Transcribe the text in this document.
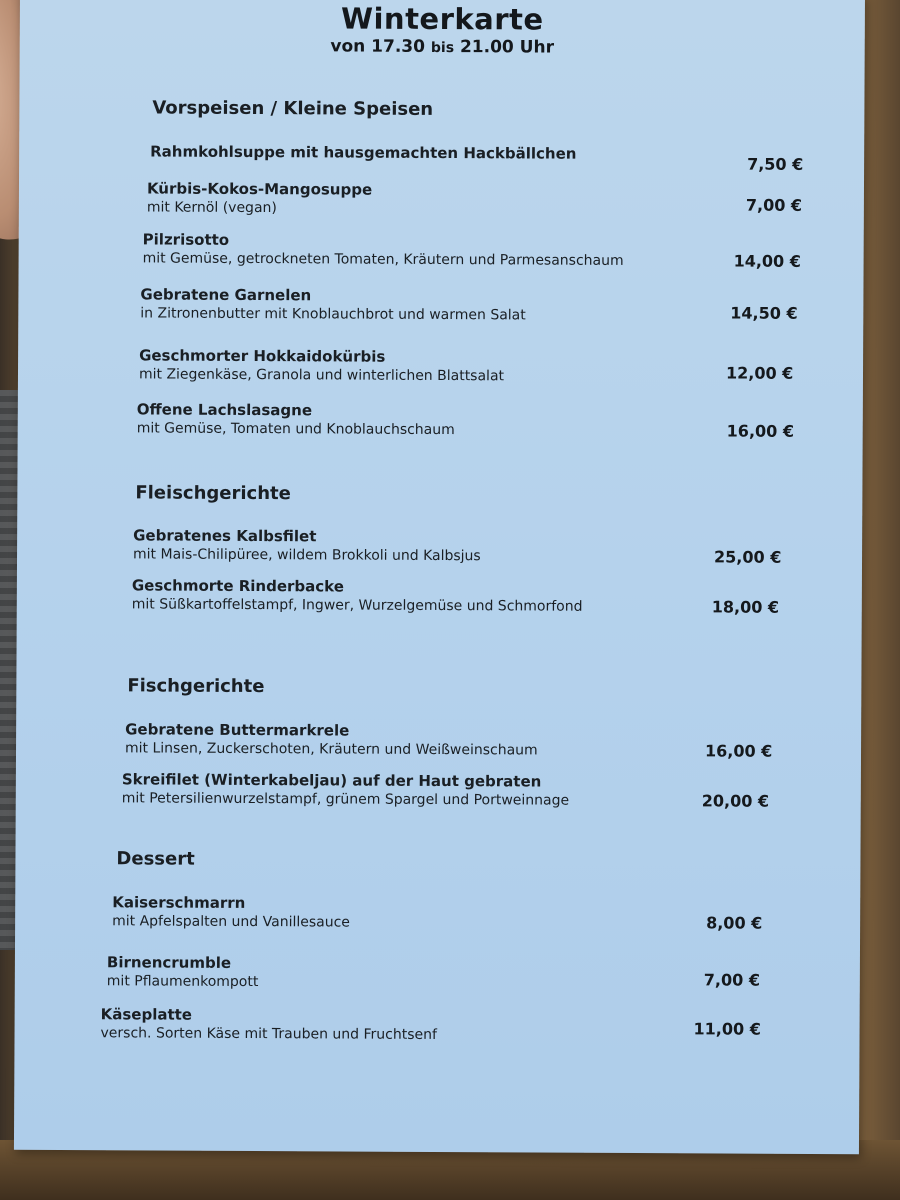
Winterkarte
von 17.30 bis 21.00 Uhr
Vorspeisen / Kleine Speisen
Rahmkohlsuppe mit hausgemachten Hackbällchen
7,50 €
Kürbis-Kokos-Mangosuppe
mit Kernöl (vegan)	7,00 €
Pilzrisotto
mit Gemüse, getrockneten Tomaten, Kräutern und Parmesanschaum	14,00 €
Gebratene Garnelen
in Zitronenbutter mit Knoblauchbrot und warmen Salat	14,50 €
Geschmorter Hokkaidokürbis
mit Ziegenkäse, Granola und winterlichen Blattsalat	12,00 €
Offene Lachslasagne
mit Gemüse, Tomaten und Knoblauchschaum	16,00 €
Fleischgerichte
Gebratenes Kalbsfilet
mit Mais-Chilipüree, wildem Brokkoli und Kalbsjus	25,00 €
Geschmorte Rinderbacke
mit Süßkartoffelstampf, Ingwer, Wurzelgemüse und Schmorfond	18,00 €
Fischgerichte
Gebratene Buttermarkrele
mit Linsen, Zuckerschoten, Kräutern und Weißweinschaum	16,00 €
Skreifilet (Winterkabeljau) auf der Haut gebraten
mit Petersilienwurzelstampf, grünem Spargel und Portweinnage	20,00 €
Dessert
Kaiserschmarrn
mit Apfelspalten und Vanillesauce	8,00 €
Birnencrumble
mit Pflaumenkompott	7,00 €
Käseplatte
versch. Sorten Käse mit Trauben und Fruchtsenf	11,00 €
